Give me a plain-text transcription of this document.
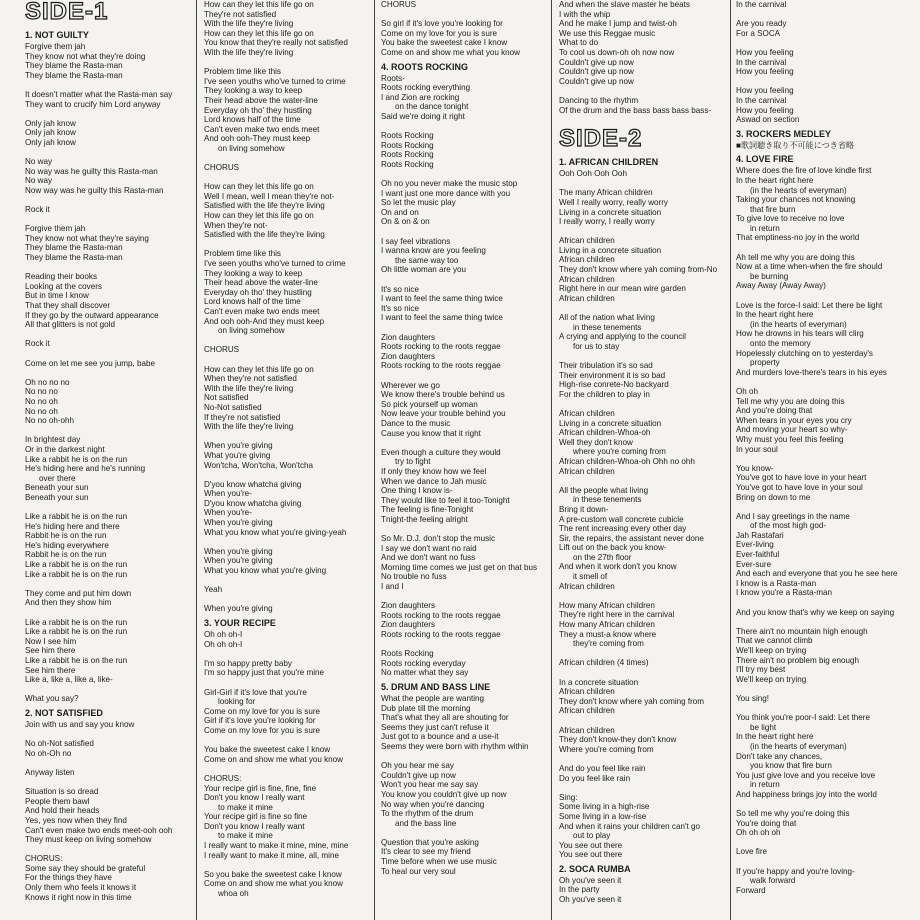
SIDE-1
1. NOT GUILTY
Forgive them jah
They know not what they're doing
They blame the Rasta-man
They blame the Rasta-man
It doesn't matter what the Rasta-man say
They want to crucify him Lord anyway
Only jah know
Only jah know
Only jah know
No way
No way was he guilty this Rasta-man
No way
Now way was he guilty this Rasta-man
Rock it
Forgive them jah
They know not what they're saying
They blame the Rasta-man
They blame the Rasta-man
Reading their books
Looking at the covers
But in time I know
That they shall discover
If they go by the outward appearance
All that glitters is not gold
Rock it
Come on let me see you jump, babe
Oh no no no
No no no
No no oh
No no oh
No no oh-ohh
In brightest day
Or in the darkest night
Like a rabbit he is on the run
He's hiding here and he's running
over there
Beneath your sun
Beneath your sun
Like a rabbit he is on the run
He's hiding here and there
Rabbit he is on the run
He's hiding everywhere
Rabbit he is on the run
Like a rabbit he is on the run
Like a rabbit he is on the run
They come and put him down
And then they show him
Like a rabbit he is on the run
Like a rabbit he is on the run
Now I see him
See him there
Like a rabbit he is on the run
See him there
Like a, like a, like a, like-
What you say?
2. NOT SATISFIED
Join with us and say you know
No oh-Not satisfied
No oh-Oh no
Anyway listen
Situation is so dread
People them bawl
And hold their heads
Yes, yes now when they find
Can't even make two ends meet-ooh ooh
They must keep on living somehow
CHORUS:
Some say they should be grateful
For the things they have
Only them who feels it knows it
Knows it right now in this time
How can they let this life go on
They're not satisfied
With the life they're living
How can they let this life go on
You know that they're really not satisfied
With the life they're living
Problem time like this
I've seen youths who've turned to crime
They looking a way to keep
Their head above the water-line
Everyday oh tho' they hustling
Lord knows half of the time
Can't even make two ends meet
And ooh ooh-They must keep
on living somehow
CHORUS
How can they let this life go on
Well I mean, well I mean they're not-
Satisfied with the life they're living
How can they let this life go on
When they're not-
Satisfied with the life they're living
Problem time like this
I've seen youths who've turned to crime
They looking a way to keep
Their head above the water-line
Everyday oh tho' they hustling
Lord knows half of the time
Can't even make two ends meet
And ooh ooh-And they must keep
on living somehow
CHORUS
How can they let this life go on
When they're not satisfied
With the life they're living
Not satisfied
No-Not satisfied
If they're not satisfied
With the life they're living
When you're giving
What you're giving
Won'tcha, Won'tcha, Won'tcha
D'you know whatcha giving
When you're-
D'you know whatcha giving
When you're-
When you're giving
What you know what you're giving-yeah
When you're giving
When you're giving
What you know what you're giving
Yeah
When you're giving
3. YOUR RECIPE
Oh oh oh-I
Oh oh oh-I
I'm so happy pretty baby
I'm so happy just that you're mine
Girl-Girl if it's love that you're
looking for
Come on my love for you is sure
Girl if it's love you're looking for
Come on my love for you is sure
You bake the sweetest cake I know
Come on and show me what you know
CHORUS:
Your recipe girl is fine, fine, fine
Don't you know I really want
to make it mine
Your recipe girl is fine so fine
Don't you know I really want
to make it mine
I really want to make it mine, mine, mine
I really want to make it mine, all, mine
So you bake the sweetest cake I know
Come on and show me what you know
whoa oh
CHORUS
So girl if it's love you're looking for
Come on my love for you is sure
You bake the sweetest cake I know
Come on and show me what you know
4. ROOTS ROCKING
Roots-
Roots rocking everything
I and Zion are rocking
on the dance tonight
Said we're doing it right
Roots Rocking
Roots Rocking
Roots Rocking
Roots Rocking
Oh no you never make the music stop
I want just one more dance with you
So let the music play
On and on
On & on & on
I say feel vibrations
I wanna know are you feeling
the same way too
Oh little woman are you
It's so nice
I want to feel the same thing twice
It's so nice
I want to feel the same thing twice
Zion daughters
Roots rocking to the roots reggae
Zion daughters
Roots rocking to the roots reggae
Wherever we go
We know there's trouble behind us
So pick yourself up woman
Now leave your trouble behind you
Dance to the music
Cause you know that it right
Even though a culture they would
try to fight
If only they know how we feel
When we dance to Jah music
One thing I know is-
They would like to feel it too-Tonight
The feeling is fine-Tonight
Tnight-the feeling alright
So Mr. D.J. don't stop the music
I say we don't want no raid
And we don't want no fuss
Morning time comes we just get on that bus
No trouble no fuss
I and I
Zion daughters
Roots rocking to the roots reggae
Zion daughters
Roots rocking to the roots reggae
Roots Rocking
Roots rocking everyday
No matter what they say
5. DRUM AND BASS LINE
What the people are wanting
Dub plate till the morning
That's what they all are shouting for
Seems they just can't refuse it
Just got to a bounce and a use-it
Seems they were born with rhythm within
Oh you hear me say
Couldn't give up now
Won't you hear me say say
You know you couldn't give up now
No way when you're dancing
To the rhythm of the drum
and the bass line
Question that you're asking
It's clear to see my friend
Time before when we use music
To heal our very soul
And when the slave master he beats
I with the whip
And he make I jump and twist-oh
We use this Reggae music
What to do
To cool us down-oh oh now now
Couldn't give up now
Couldn't give up now
Couldn't give up now
Dancing to the rhythm
Of the drum and the bass bass bass bass-
SIDE-2
1. AFRICAN CHILDREN
Ooh Ooh Ooh Ooh
The many African children
Well I really worry, really worry
Living in a concrete situation
I really worry, I really worry
African children
Living in a concrete situation
African children
They don't know where yah coming from-No
African children
Right here in our mean wire garden
African children
All of the nation what living
in these tenements
A crying and applying to the council
for us to stay
Their tribulation it's so sad
Their environment it is so bad
High-rise conrete-No backyard
For the children to play in
African children
Living in a concrete situation
African children-Whoa-oh
Well they don't know
where you're coming from
African children-Whoa-oh Ohh no ohh
African children
All the people what living
in these tenements
Bring it down-
A pre-custom wall concrete cubicle
The rent increasing every other day
Sir, the repairs, the assistant never done
Lift out on the back you know-
on the 27th floor
And when it work don't you know
it smell of
African children
How many African children
They're right here in the carnival
How many African children
They a must-a know where
they're coming from
African children (4 times)
In a concrete situation
African children
They don't know where yah coming from
African children
African children
They don't know-they don't know
Where you're coming from
And do you feel like rain
Do you feel like rain
Sing:
Some living in a high-rise
Some living in a low-rise
And when it rains your children can't go
out to play
You see out there
You see out there
2. SOCA RUMBA
Oh you've seen it
In the party
Oh you've seen it
In the carnival
Are you ready
For a SOCA
How you feeling
In the carnival
How you feeling
How you feeling
In the carnival
How you feeling
Aswad on section
3. ROCKERS MEDLEY
■歌詞聴き取り不可能につき省略
4. LOVE FIRE
Where does the fire of love kindle first
In the heart right here
(in the hearts of everyman)
Taking your chances not knowing
that fire burn
To give love to receive no love
in return
That emptiness-no joy in the world
Ah tell me why you are doing this
Now at a time when-when the fire should
be burning
Away Away (Away Away)
Love is the force-I said: Let there be light
In the heart right here
(in the hearts of everyman)
How he drowns in his tears will clirg
onto the memory
Hopelessly clutching on to yesterday's
property
And murders love-there's tears in his eyes
Oh oh
Tell me why you are doing this
And you're doing that
When tears in your eyes you cry
And moving your heart so why-
Why must you feel this feeling
In your soul
You know-
You've got to have love in your heart
You've got to have love in your soul
Bring on down to me
And I say greetings in the name
of the most high god-
Jah Rastafari
Ever-living
Ever-faithful
Ever-sure
And each and everyone that you he see here
I know is a Rasta-man
I know you're a Rasta-man
And you know that's why we keep on saying
There ain't no mountain high enough
That we cannot climb
We'll keep on trying
There ain't no problem big enough
I'll try my best
We'll keep on trying
You sing!
You think you're poor-I said: Let there
be light
In the heart right here
(in the hearts of everyman)
Don't take any chances,
you know that fire burn
You just give love and you receive love
in return
And happiness brings joy into the world
So tell me why you're doing this
You're doing that
Oh oh oh oh
Love fire
If you're happy and you're loving-
walk forward
Forward
